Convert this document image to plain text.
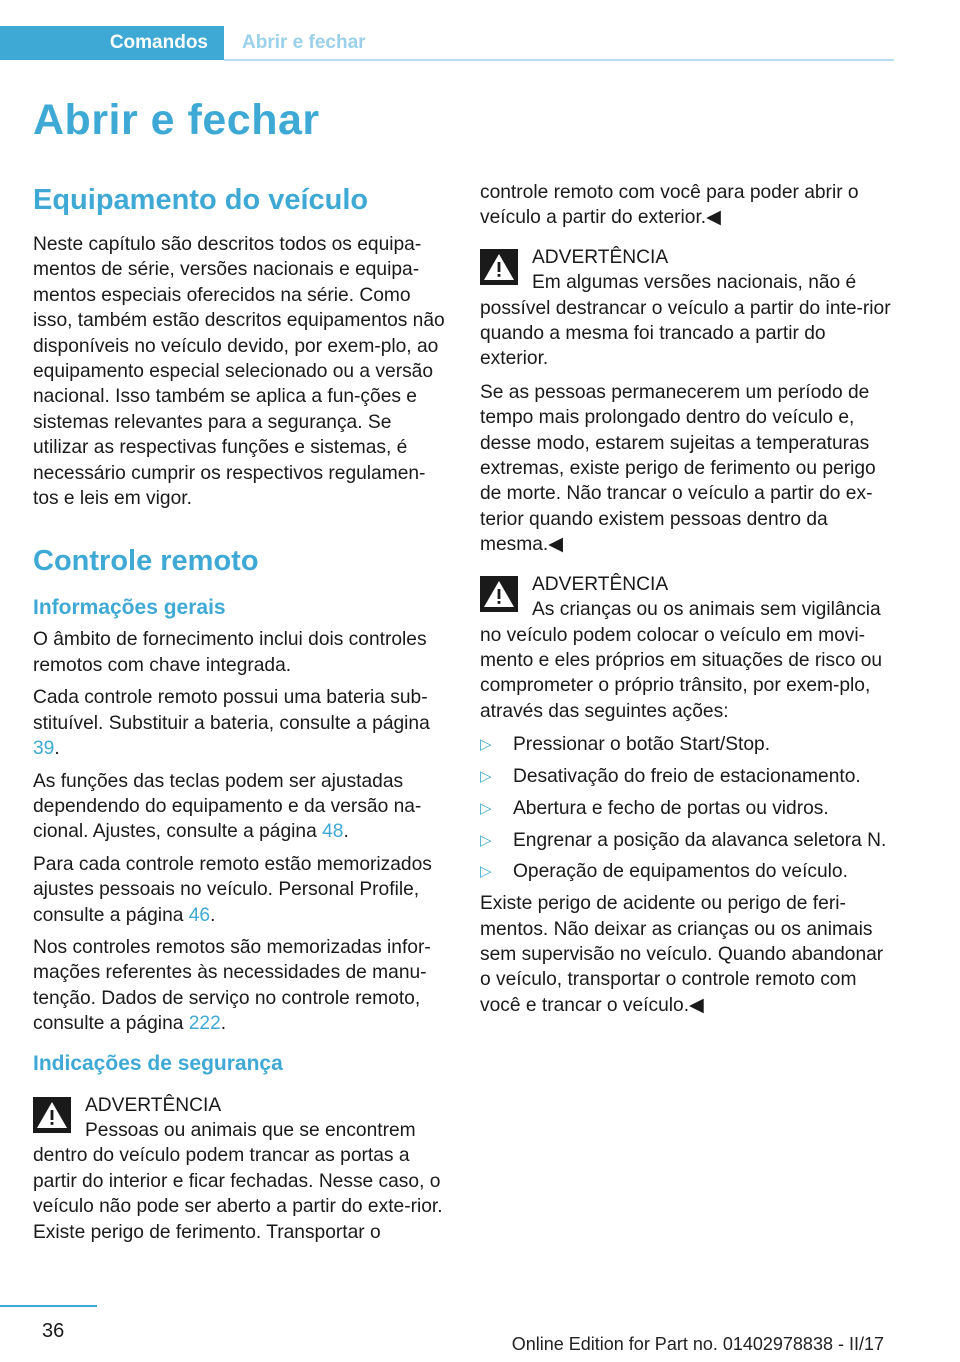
Comandos	Abrir e fechar
Abrir e fechar
Equipamento do veículo

Neste capítulo são descritos todos os equipa-mentos de série, versões nacionais e equipa-mentos especiais oferecidos na série. Como isso, também estão descritos equipamentos não disponíveis no veículo devido, por exem-plo, ao equipamento especial selecionado ou a versão nacional. Isso também se aplica a fun-ções e sistemas relevantes para a segurança. Se utilizar as respectivas funções e sistemas, é necessário cumprir os respectivos regulamen-tos e leis em vigor.

Controle remoto
Informações gerais

O âmbito de fornecimento inclui dois controles remotos com chave integrada.

Cada controle remoto possui uma bateria sub-stituível. Substituir a bateria, consulte a página 39.

As funções das teclas podem ser ajustadas dependendo do equipamento e da versão na-cional. Ajustes, consulte a página 48.

Para cada controle remoto estão memorizados ajustes pessoais no veículo. Personal Profile, consulte a página 46.

Nos controles remotos são memorizadas infor-mações referentes às necessidades de manu-tenção. Dados de serviço no controle remoto, consulte a página 222.

Indicações de segurança
ADVERTÊNCIA
Pessoas ou animais que se encontrem dentro do veículo podem trancar as portas a partir do interior e ficar fechadas. Nesse caso, o veículo não pode ser aberto a partir do exte-rior. Existe perigo de ferimento. Transportar o

controle remoto com você para poder abrir o veículo a partir do exterior.◀

ADVERTÊNCIA
Em algumas versões nacionais, não é possível destrancar o veículo a partir do inte-rior quando a mesma foi trancado a partir do exterior.

Se as pessoas permanecerem um período de tempo mais prolongado dentro do veículo e, desse modo, estarem sujeitas a temperaturas extremas, existe perigo de ferimento ou perigo de morte. Não trancar o veículo a partir do ex-terior quando existem pessoas dentro da mesma.◀

ADVERTÊNCIA
As crianças ou os animais sem vigilância no veículo podem colocar o veículo em movi-mento e eles próprios em situações de risco ou comprometer o próprio trânsito, por exem-plo, através das seguintes ações:
▷ Pressionar o botão Start/Stop.
▷ Desativação do freio de estacionamento.
▷ Abertura e fecho de portas ou vidros.
▷ Engrenar a posição da alavanca seletora N.
▷ Operação de equipamentos do veículo.

Existe perigo de acidente ou perigo de feri-mentos. Não deixar as crianças ou os animais sem supervisão no veículo. Quando abandonar o veículo, transportar o controle remoto com você e trancar o veículo.◀

36
Online Edition for Part no. 01402978838 - II/17
